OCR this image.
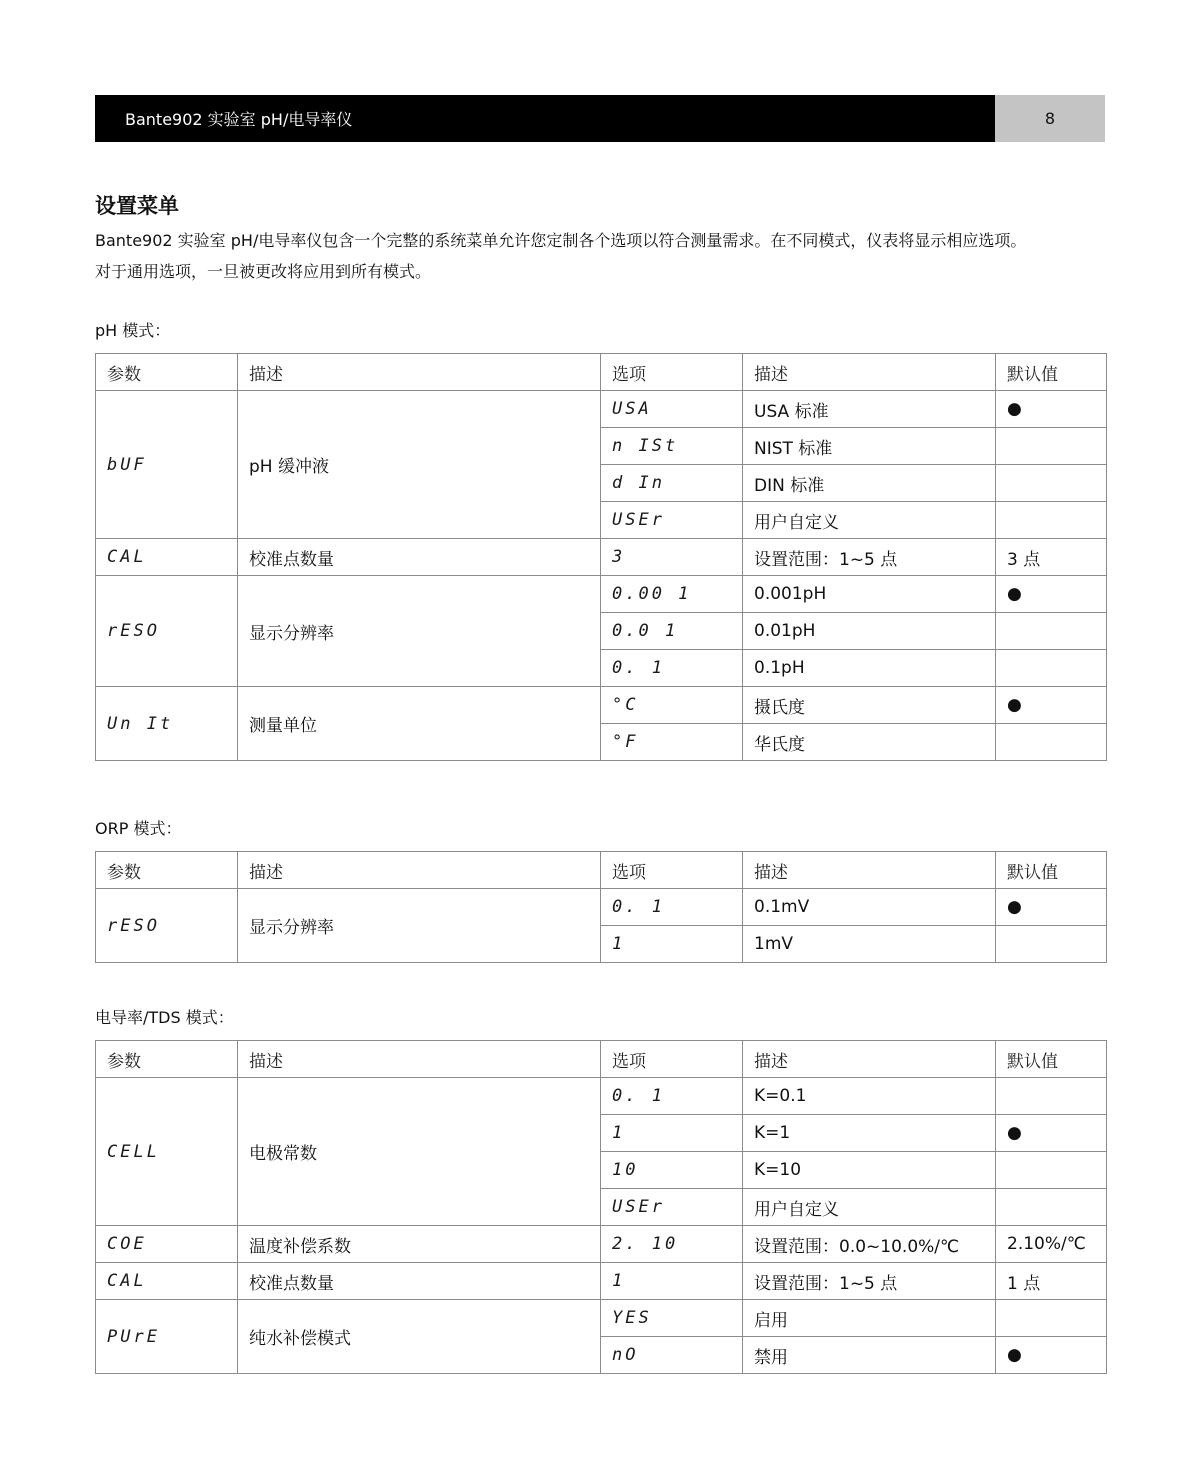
Bante902 实验室 pH/电导率仪	8
设置菜单

Bante902 实验室 pH/电导率仪包含一个完整的系统菜单允许您定制各个选项以符合测量需求。在不同模式，仪表将显示相应选项。

对于通用选项，一旦被更改将应用到所有模式。

pH 模式：
参数	描述	选项	描述	默认值
bUF	pH 缓冲液	USA	USA 标准	●
		n ISt	NIST 标准	
		d In	DIN 标准	
		USEr	用户自定义	
CAL	校准点数量	3	设置范围：1~5 点	3 点
rESO	显示分辨率	0.00 1	0.001pH	●
		0.0 1	0.01pH	
		0. 1	0.1pH	
Un It	测量单位	°C	摄氏度	●
		°F	华氏度	
ORP 模式：
参数	描述	选项	描述	默认值
rESO	显示分辨率	0. 1	0.1mV	●
		1	1mV	
电导率/TDS 模式：
参数	描述	选项	描述	默认值
CELL	电极常数	0. 1	K=0.1	
		1	K=1	●
		10	K=10	
		USEr	用户自定义	
COE	温度补偿系数	2. 10	设置范围：0.0~10.0%/℃	2.10%/℃
CAL	校准点数量	1	设置范围：1~5 点	1 点
PUrE	纯水补偿模式	YES	启用	
		nO	禁用	●
